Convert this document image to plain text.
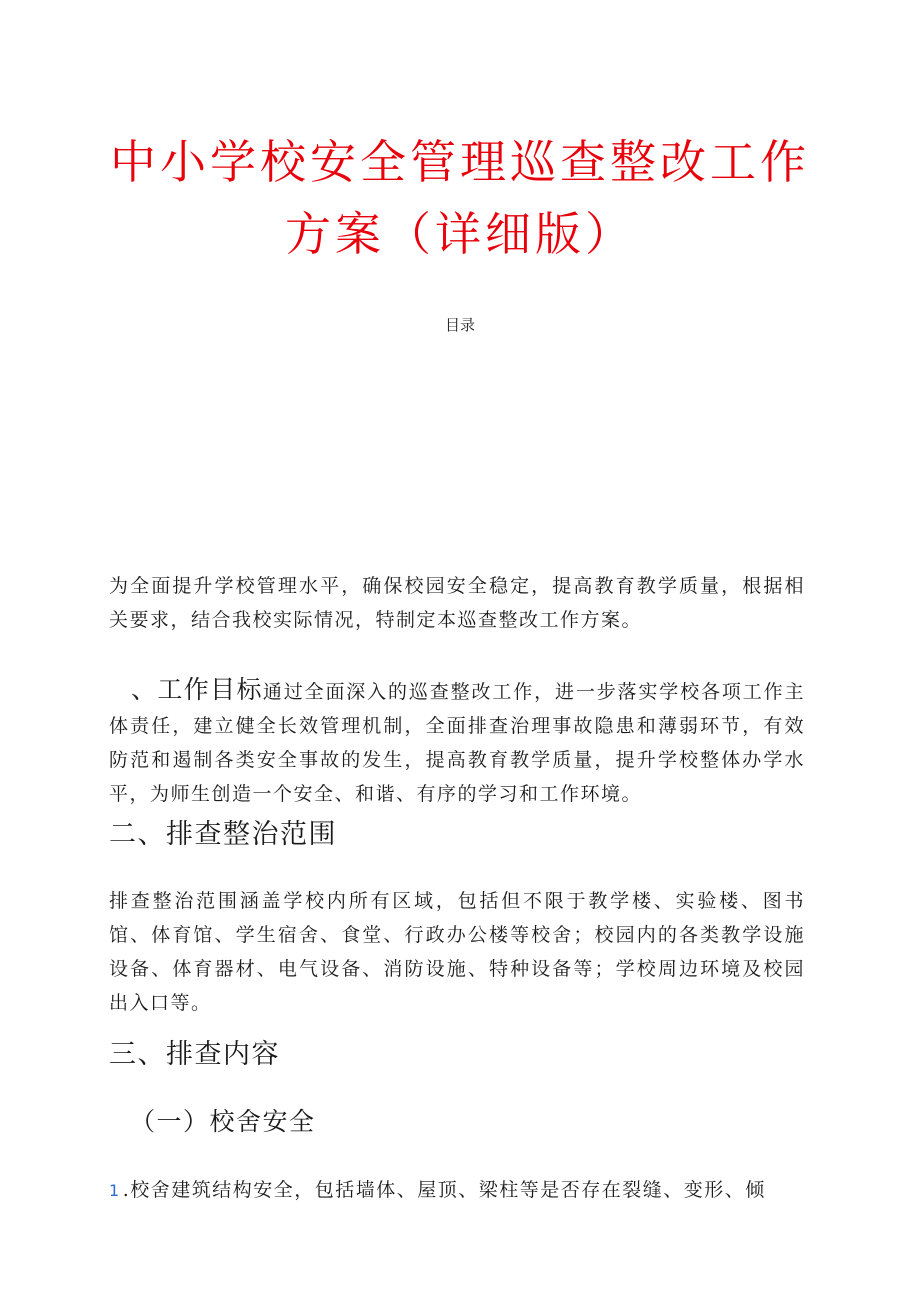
中小学校安全管理巡查整改工作
方案（详细版）
目录

为全面提升学校管理水平，确保校园安全稳定，提高教育教学质量，根据相关要求，结合我校实际情况，特制定本巡查整改工作方案。

、工作目标通过全面深入的巡查整改工作，进一步落实学校各项工作主体责任，建立健全长效管理机制，全面排查治理事故隐患和薄弱环节，有效防范和遏制各类安全事故的发生，提高教育教学质量，提升学校整体办学水平，为师生创造一个安全、和谐、有序的学习和工作环境。

二、排查整治范围

排查整治范围涵盖学校内所有区域，包括但不限于教学楼、实验楼、图书馆、体育馆、学生宿舍、食堂、行政办公楼等校舍；校园内的各类教学设施设备、体育器材、电气设备、消防设施、特种设备等；学校周边环境及校园出入口等。

三、排查内容
（一）校舍安全

1 .校舍建筑结构安全，包括墙体、屋顶、梁柱等是否存在裂缝、变形、倾
